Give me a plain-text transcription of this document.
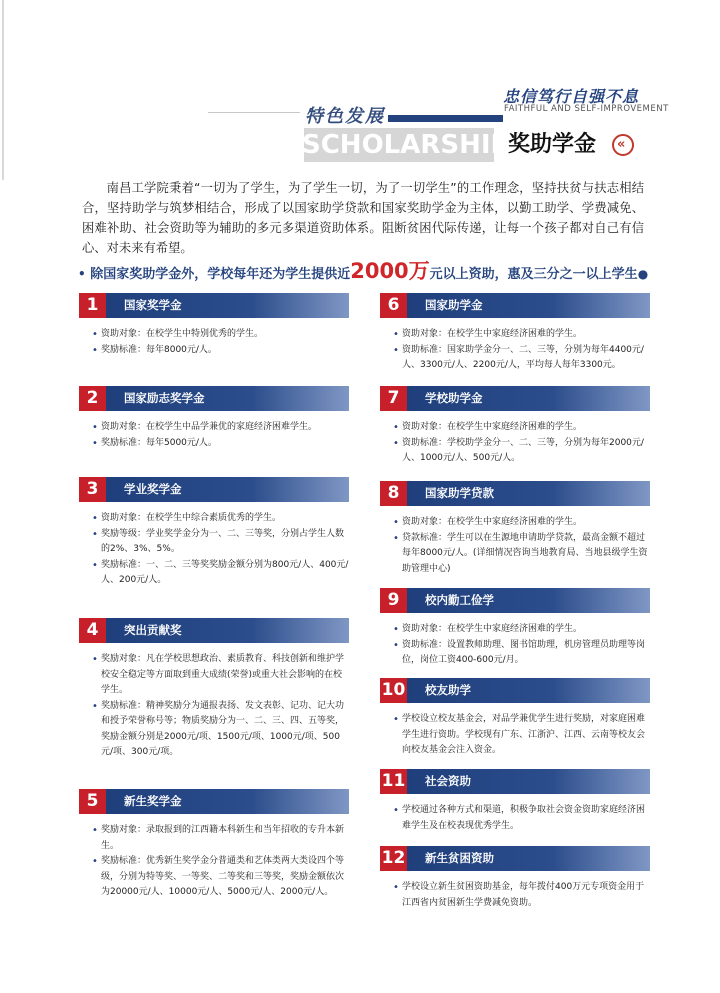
忠信笃行自强不息
FAITHFUL AND SELF-IMPROVEMENT
特色发展
SCHOLARSHIP
奖助学金 «
南昌工学院秉着“一切为了学生，为了学生一切，为了一切学生”的工作理念，坚持扶贫与扶志相结合，坚持助学与筑梦相结合，形成了以国家助学贷款和国家奖助学金为主体，以勤工助学、学费减免、困难补助、社会资助等为辅助的多元多渠道资助体系。阻断贫困代际传递，让每一个孩子都对自己有信心、对未来有希望。
• 除国家奖助学金外，学校每年还为学生提供近2000万元以上资助，惠及三分之一以上学生●
1	国家奖学金
• 资助对象：在校学生中特别优秀的学生。
• 奖励标准：每年8000元/人。
2	国家励志奖学金
• 资助对象：在校学生中品学兼优的家庭经济困难学生。
• 奖励标准：每年5000元/人。
3	学业奖学金
• 资助对象：在校学生中综合素质优秀的学生。
• 奖励等级：学业奖学金分为一、二、三等奖，分别占学生人数的2%、3%、5%。
• 奖励标准：一、二、三等奖奖励金额分别为800元/人、400元/人、200元/人。
4	突出贡献奖
• 奖励对象：凡在学校思想政治、素质教育、科技创新和维护学校安全稳定等方面取到重大成绩(荣誉)或重大社会影响的在校学生。
• 奖励标准：精神奖励分为通报表扬、发文表彰、记功、记大功和授予荣誉称号等；物质奖励分为一、二、三、四、五等奖，奖励金额分别是2000元/项、1500元/项、1000元/项、500元/项、300元/项。
5	新生奖学金
• 奖励对象：录取报到的江西籍本科新生和当年招收的专升本新生。
• 奖励标准：优秀新生奖学金分普通类和艺体类两大类设四个等级，分别为特等奖、一等奖、二等奖和三等奖，奖励金额依次为20000元/人、10000元/人、5000元/人、2000元/人。
6	国家助学金
• 资助对象：在校学生中家庭经济困难的学生。
• 资助标准：国家助学金分一、二、三等，分别为每年4400元/人、3300元/人、2200元/人，平均每人每年3300元。
7	学校助学金
• 资助对象：在校学生中家庭经济困难的学生。
• 资助标准：学校助学金分一、二、三等，分别为每年2000元/人、1000元/人、500元/人。
8	国家助学贷款
• 资助对象：在校学生中家庭经济困难的学生。
• 贷款标准：学生可以在生源地申请助学贷款，最高金额不超过每年8000元/人。(详细情况咨询当地教育局、当地县级学生资助管理中心)
9	校内勤工俭学
• 资助对象：在校学生中家庭经济困难的学生。
• 资助标准：设置教师助理、图书馆助理，机房管理员助理等岗位，岗位工资400-600元/月。
10	校友助学
• 学校设立校友基金会，对品学兼优学生进行奖励，对家庭困难学生进行资助。学校现有广东、江浙沪、江西、云南等校友会向校友基金会注入资金。
11	社会资助
• 学校通过各种方式和渠道，积极争取社会资金资助家庭经济困难学生及在校表现优秀学生。
12	新生贫困资助
• 学校设立新生贫困资助基金，每年拨付400万元专项资金用于江西省内贫困新生学费减免资助。
